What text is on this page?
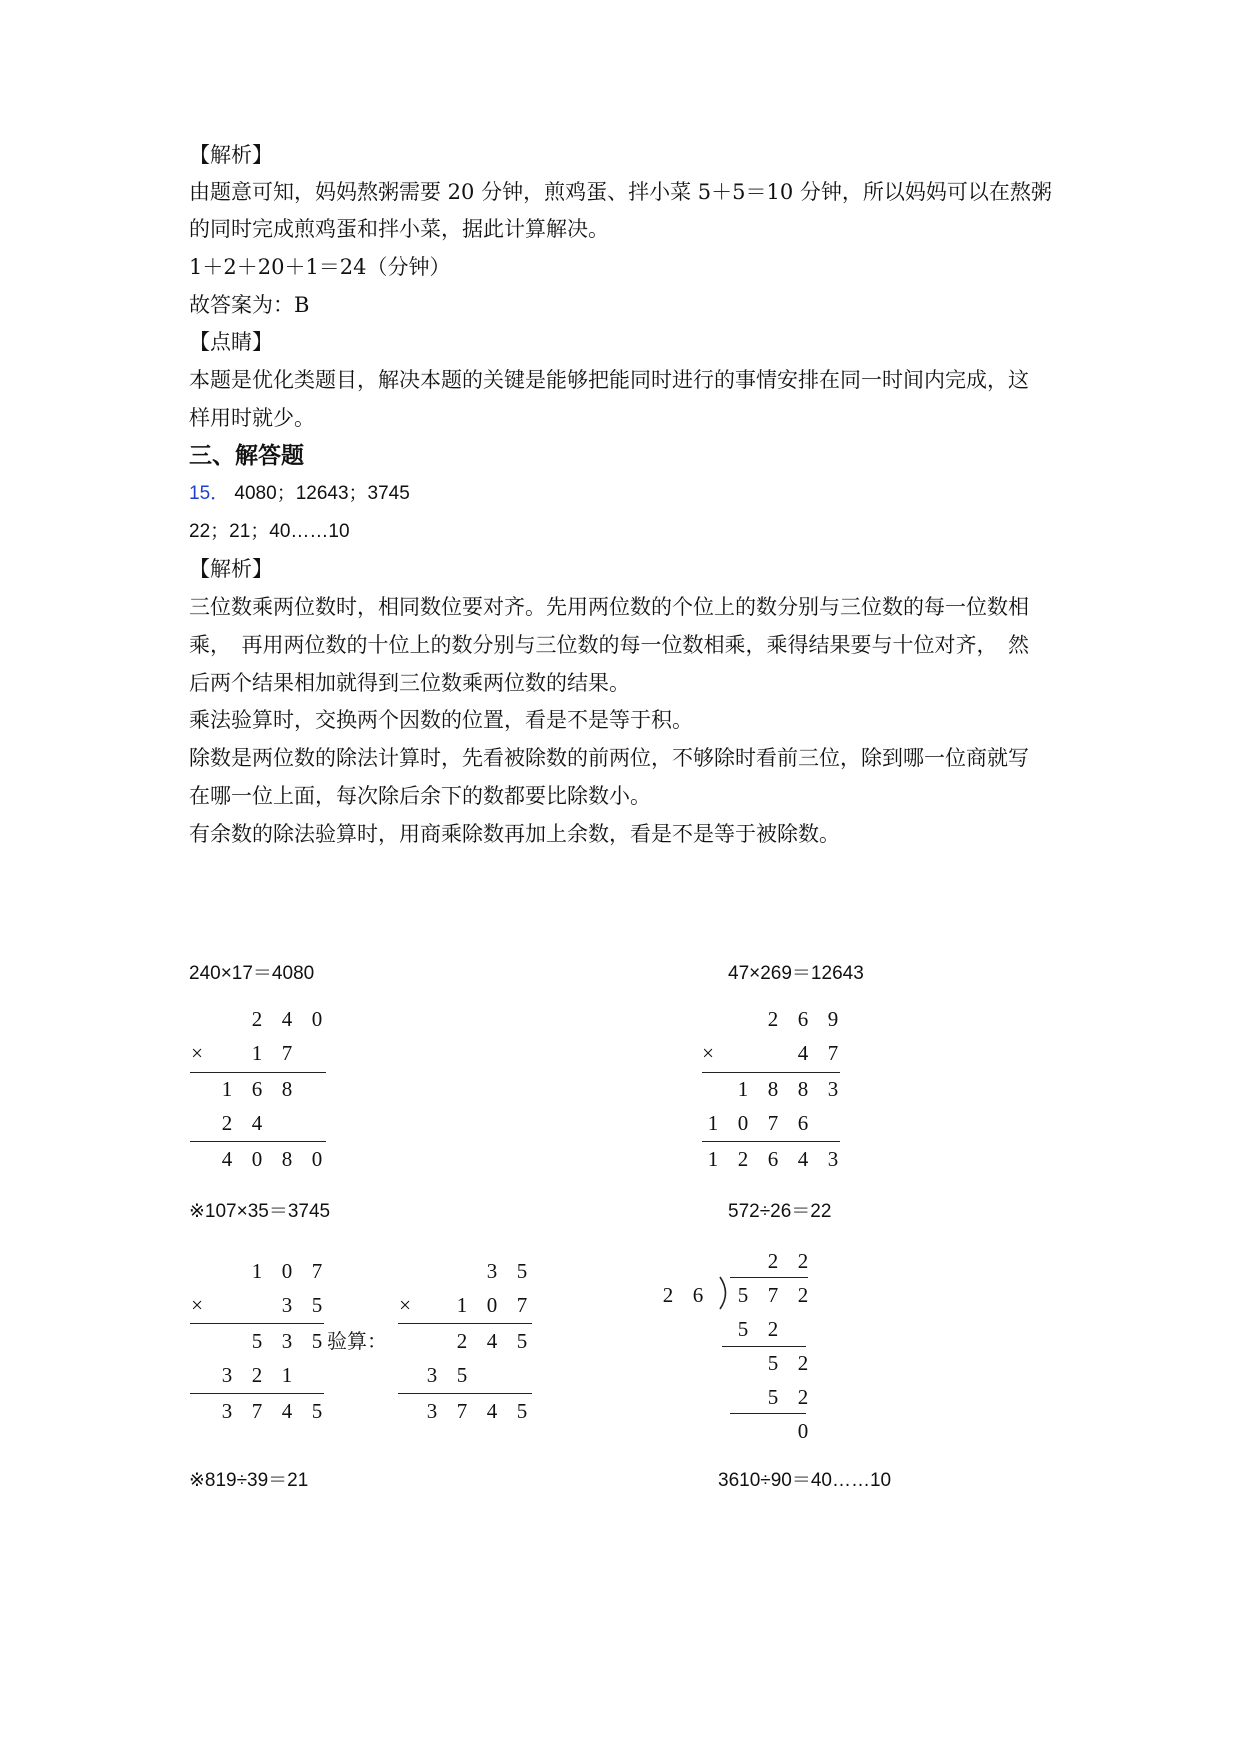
【解析】
由题意可知，妈妈熬粥需要 20 分钟，煎鸡蛋、拌小菜 5＋5＝10 分钟，所以妈妈可以在熬粥
的同时完成煎鸡蛋和拌小菜，据此计算解决。
1＋2＋20＋1＝24（分钟）
故答案为：B
【点睛】
本题是优化类题目，解决本题的关键是能够把能同时进行的事情安排在同一时间内完成，这
样用时就少。
三、解答题
15． 4080；12643；3745
22；21；40……10
【解析】
三位数乘两位数时，相同数位要对齐。先用两位数的个位上的数分别与三位数的每一位数相
乘，　再用两位数的十位上的数分别与三位数的每一位数相乘，乘得结果要与十位对齐，　然
后两个结果相加就得到三位数乘两位数的结果。
乘法验算时，交换两个因数的位置，看是不是等于积。
除数是两位数的除法计算时，先看被除数的前两位，不够除时看前三位，除到哪一位商就写
在哪一位上面，每次除后余下的数都要比除数小。
有余数的除法验算时，用商乘除数再加上余数，看是不是等于被除数。
240×17＝4080	47×269＝12643
※107×35＝3745	572÷26＝22
※819÷39＝21	3610÷90＝40……10
2 4 0
×	1 7
1 6 8
2 4
4 0 8 0
2 6 9
×	4 7
1 8 8 3
1 0 7 6
1 2 6 4 3
1 0 7
×	3 5
5 3 5 验算：
3 2 1
3 7 4 5
3 5
×	1 0 7
2 4 5
3 5
3 7 4 5
2 2
2 6	5 7 2
5 2
5 2
5 2
0
